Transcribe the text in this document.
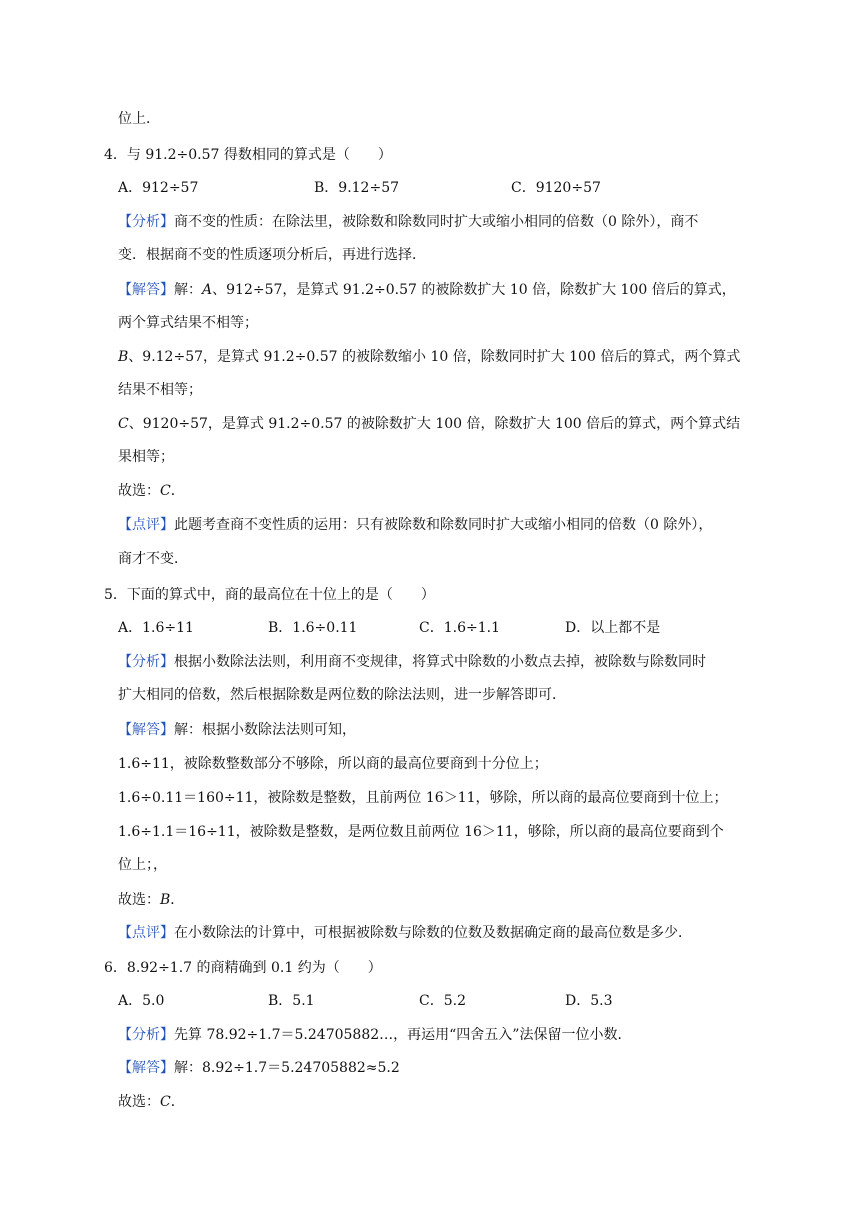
位上．
4．与 91.2÷0.57 得数相同的算式是（　　）
A．912÷57	B．9.12÷57	C．9120÷57
【分析】商不变的性质：在除法里，被除数和除数同时扩大或缩小相同的倍数（0 除外），商不
变．根据商不变的性质逐项分析后，再进行选择．
【解答】解：A、912÷57，是算式 91.2÷0.57 的被除数扩大 10 倍，除数扩大 100 倍后的算式，
两个算式结果不相等；
B、9.12÷57，是算式 91.2÷0.57 的被除数缩小 10 倍，除数同时扩大 100 倍后的算式，两个算式
结果不相等；
C、9120÷57，是算式 91.2÷0.57 的被除数扩大 100 倍，除数扩大 100 倍后的算式，两个算式结
果相等；
故选：C．
【点评】此题考查商不变性质的运用：只有被除数和除数同时扩大或缩小相同的倍数（0 除外），
商才不变．
5．下面的算式中，商的最高位在十位上的是（　　）
A．1.6÷11	B．1.6÷0.11	C．1.6÷1.1	D．以上都不是
【分析】根据小数除法法则，利用商不变规律，将算式中除数的小数点去掉，被除数与除数同时
扩大相同的倍数，然后根据除数是两位数的除法法则，进一步解答即可．
【解答】解：根据小数除法法则可知，
1.6÷11，被除数整数部分不够除，所以商的最高位要商到十分位上；
1.6÷0.11＝160÷11，被除数是整数，且前两位 16＞11，够除，所以商的最高位要商到十位上；
1.6÷1.1＝16÷11，被除数是整数，是两位数且前两位 16＞11，够除，所以商的最高位要商到个
位上；，
故选：B．
【点评】在小数除法的计算中，可根据被除数与除数的位数及数据确定商的最高位数是多少．
6．8.92÷1.7 的商精确到 0.1 约为（　　）
A．5.0	B．5.1	C．5.2	D．5.3
【分析】先算 78.92÷1.7＝5.24705882…，再运用“四舍五入”法保留一位小数．
【解答】解：8.92÷1.7＝5.24705882≈5.2
故选：C．
